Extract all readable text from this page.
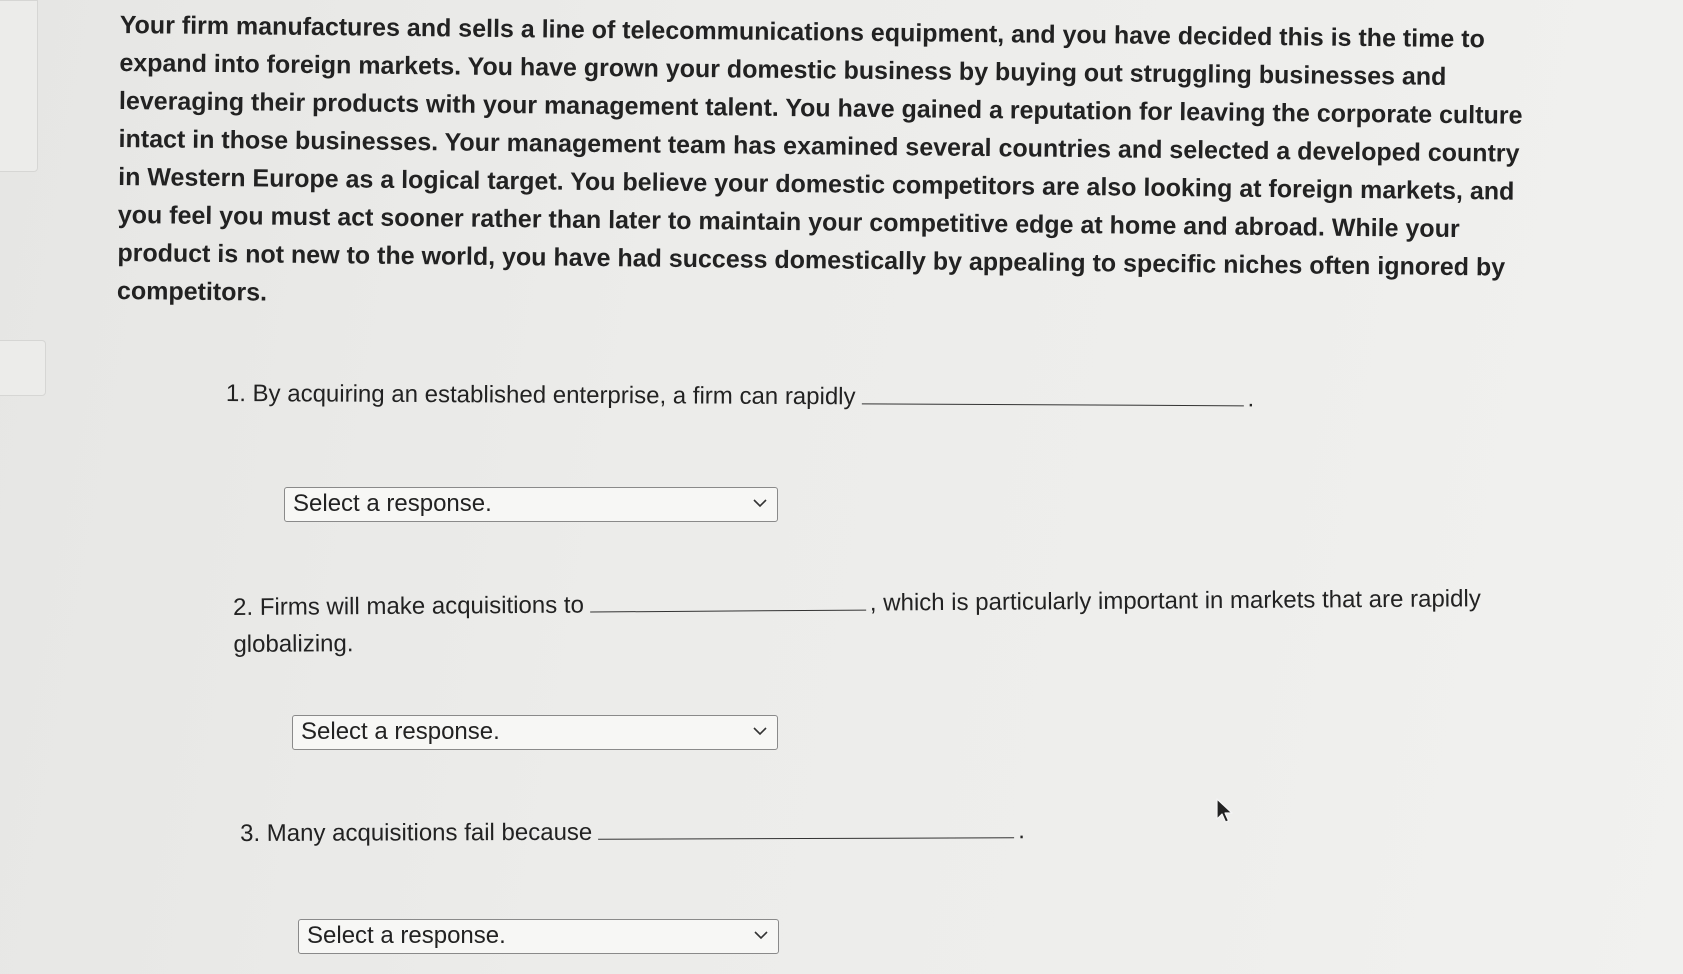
Your firm manufactures and sells a line of telecommunications equipment, and you have decided this is the time to expand into foreign markets. You have grown your domestic business by buying out struggling businesses and leveraging their products with your management talent. You have gained a reputation for leaving the corporate culture intact in those businesses. Your management team has examined several countries and selected a developed country in Western Europe as a logical target. You believe your domestic competitors are also looking at foreign markets, and you feel you must act sooner rather than later to maintain your competitive edge at home and abroad. While your product is not new to the world, you have had success domestically by appealing to specific niches often ignored by competitors.

1. By acquiring an established enterprise, a firm can rapidly	.

Select a response.

2. Firms will make acquisitions to	, which is particularly important in markets that are rapidly globalizing.

Select a response.

3. Many acquisitions fail because	.

Select a response.
